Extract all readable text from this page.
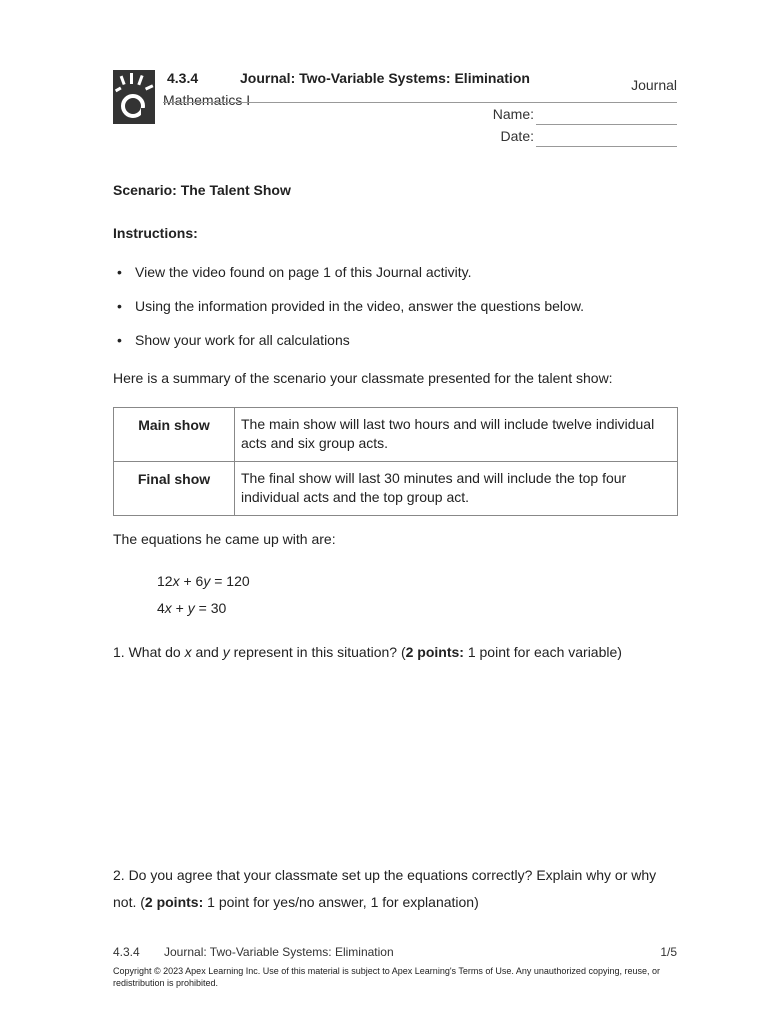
4.3.4	Journal: Two-Variable Systems: Elimination
Mathematics I
Journal
Name:
Date:
Scenario: The Talent Show
Instructions:
• View the video found on page 1 of this Journal activity.
• Using the information provided in the video, answer the questions below.
• Show your work for all calculations
Here is a summary of the scenario your classmate presented for the talent show:
Main show	The main show will last two hours and will include twelve individual acts and six group acts.
Final show	The final show will last 30 minutes and will include the top four individual acts and the top group act.
The equations he came up with are:
12x + 6y = 120
4x + y = 30
1. What do x and y represent in this situation? (2 points: 1 point for each variable)
2. Do you agree that your classmate set up the equations correctly? Explain why or why not. (2 points: 1 point for yes/no answer, 1 for explanation)
4.3.4 Journal: Two-Variable Systems: Elimination	1/5
Copyright © 2023 Apex Learning Inc. Use of this material is subject to Apex Learning's Terms of Use. Any unauthorized copying, reuse, or redistribution is prohibited.
